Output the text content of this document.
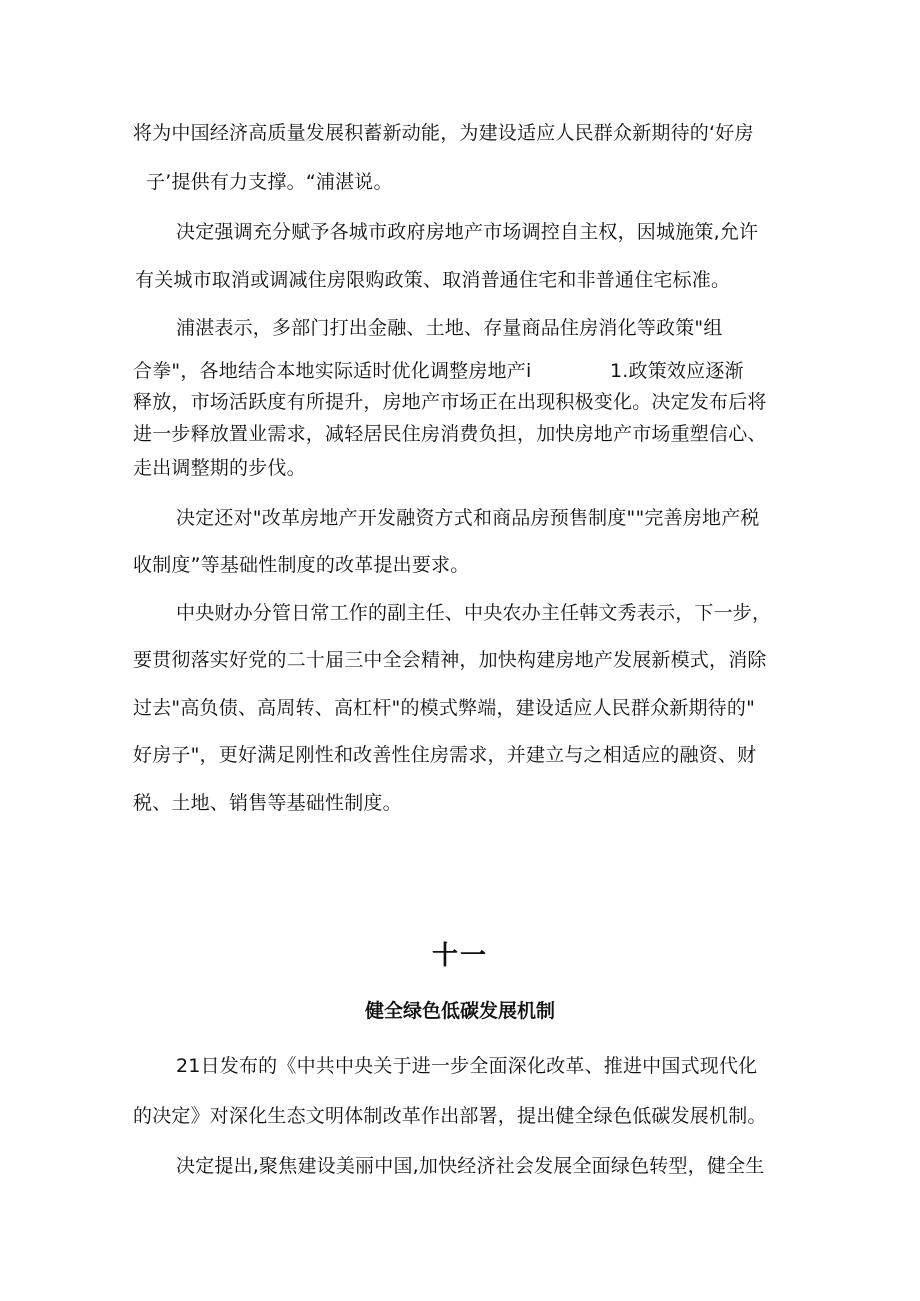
将为中国经济高质量发展积蓄新动能，为建设适应人民群众新期待的‘好房
子’提供有力支撑。“浦湛说。
决定强调充分赋予各城市政府房地产市场调控自主权，因城施策,允许
有关城市取消或调减住房限购政策、取消普通住宅和非普通住宅标准。
浦湛表示，多部门打出金融、土地、存量商品住房消化等政策"组
合拳"，各地结合本地实际适时优化调整房地产i	1.政策效应逐渐
释放，市场活跃度有所提升，房地产市场正在出现积极变化。决定发布后将
进一步释放置业需求，减轻居民住房消费负担，加快房地产市场重塑信心、
走出调整期的步伐。
决定还对"改革房地产开发融资方式和商品房预售制度""完善房地产税
收制度”等基础性制度的改革提出要求。
中央财办分管日常工作的副主任、中央农办主任韩文秀表示，下一步，
要贯彻落实好党的二十届三中全会精神，加快构建房地产发展新模式，消除
过去"高负债、高周转、高杠杆"的模式弊端，建设适应人民群众新期待的"
好房子"，更好满足刚性和改善性住房需求，并建立与之相适应的融资、财
税、土地、销售等基础性制度。
十一
健全绿色低碳发展机制
21日发布的《中共中央关于进一步全面深化改革、推进中国式现代化
的决定》对深化生态文明体制改革作出部署，提出健全绿色低碳发展机制。
决定提出,聚焦建设美丽中国,加快经济社会发展全面绿色转型，健全生
